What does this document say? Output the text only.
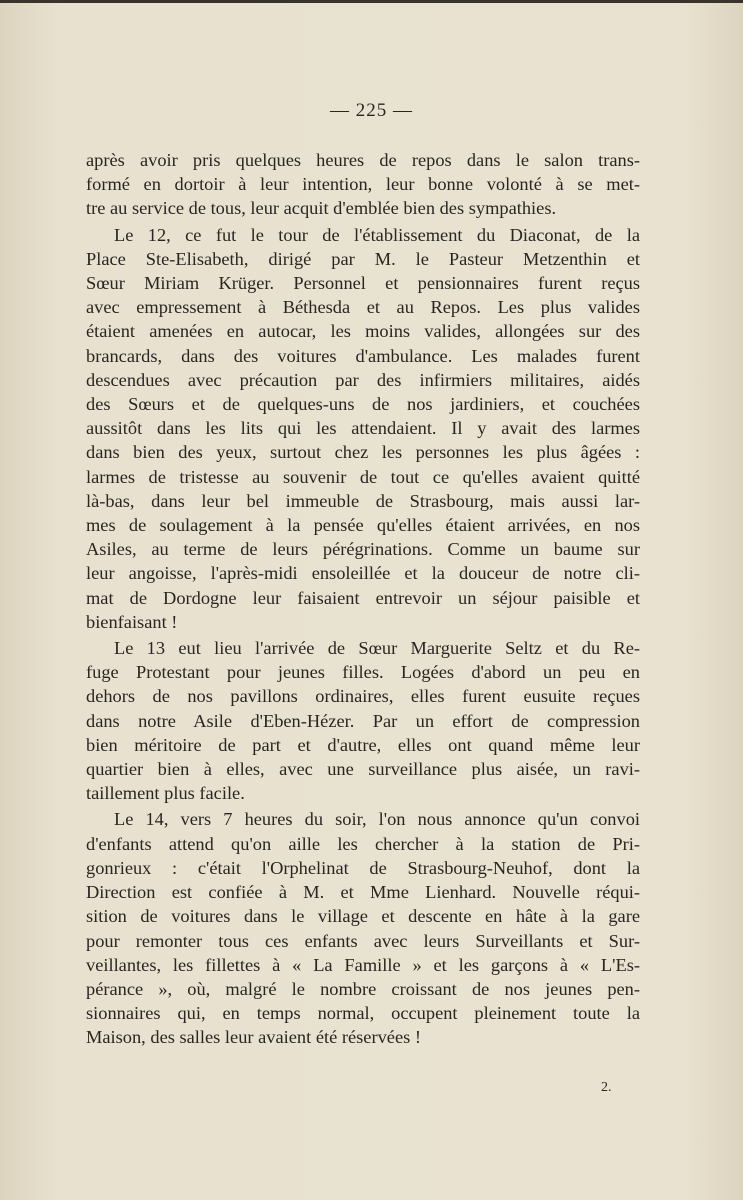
— 225 —

après avoir pris quelques heures de repos dans le salon trans-
formé en dortoir à leur intention, leur bonne volonté à se met-
tre au service de tous, leur acquit d'emblée bien des sympathies.

Le 12, ce fut le tour de l'établissement du Diaconat, de la
Place Ste-Elisabeth, dirigé par M. le Pasteur Metzenthin et
Sœur Miriam Krüger. Personnel et pensionnaires furent reçus
avec empressement à Béthesda et au Repos. Les plus valides
étaient amenées en autocar, les moins valides, allongées sur des
brancards, dans des voitures d'ambulance. Les malades furent
descendues avec précaution par des infirmiers militaires, aidés
des Sœurs et de quelques-uns de nos jardiniers, et couchées
aussitôt dans les lits qui les attendaient. Il y avait des larmes
dans bien des yeux, surtout chez les personnes les plus âgées :
larmes de tristesse au souvenir de tout ce qu'elles avaient quitté
là-bas, dans leur bel immeuble de Strasbourg, mais aussi lar-
mes de soulagement à la pensée qu'elles étaient arrivées, en nos
Asiles, au terme de leurs pérégrinations. Comme un baume sur
leur angoisse, l'après-midi ensoleillée et la douceur de notre cli-
mat de Dordogne leur faisaient entrevoir un séjour paisible et
bienfaisant !

Le 13 eut lieu l'arrivée de Sœur Marguerite Seltz et du Re-
fuge Protestant pour jeunes filles. Logées d'abord un peu en
dehors de nos pavillons ordinaires, elles furent eusuite reçues
dans notre Asile d'Eben-Hézer. Par un effort de compression
bien méritoire de part et d'autre, elles ont quand même leur
quartier bien à elles, avec une surveillance plus aisée, un ravi-
taillement plus facile.

Le 14, vers 7 heures du soir, l'on nous annonce qu'un convoi
d'enfants attend qu'on aille les chercher à la station de Pri-
gonrieux : c'était l'Orphelinat de Strasbourg-Neuhof, dont la
Direction est confiée à M. et Mme Lienhard. Nouvelle réqui-
sition de voitures dans le village et descente en hâte à la gare
pour remonter tous ces enfants avec leurs Surveillants et Sur-
veillantes, les fillettes à « La Famille » et les garçons à « L'Es-
pérance », où, malgré le nombre croissant de nos jeunes pen-
sionnaires qui, en temps normal, occupent pleinement toute la
Maison, des salles leur avaient été réservées !

2.
